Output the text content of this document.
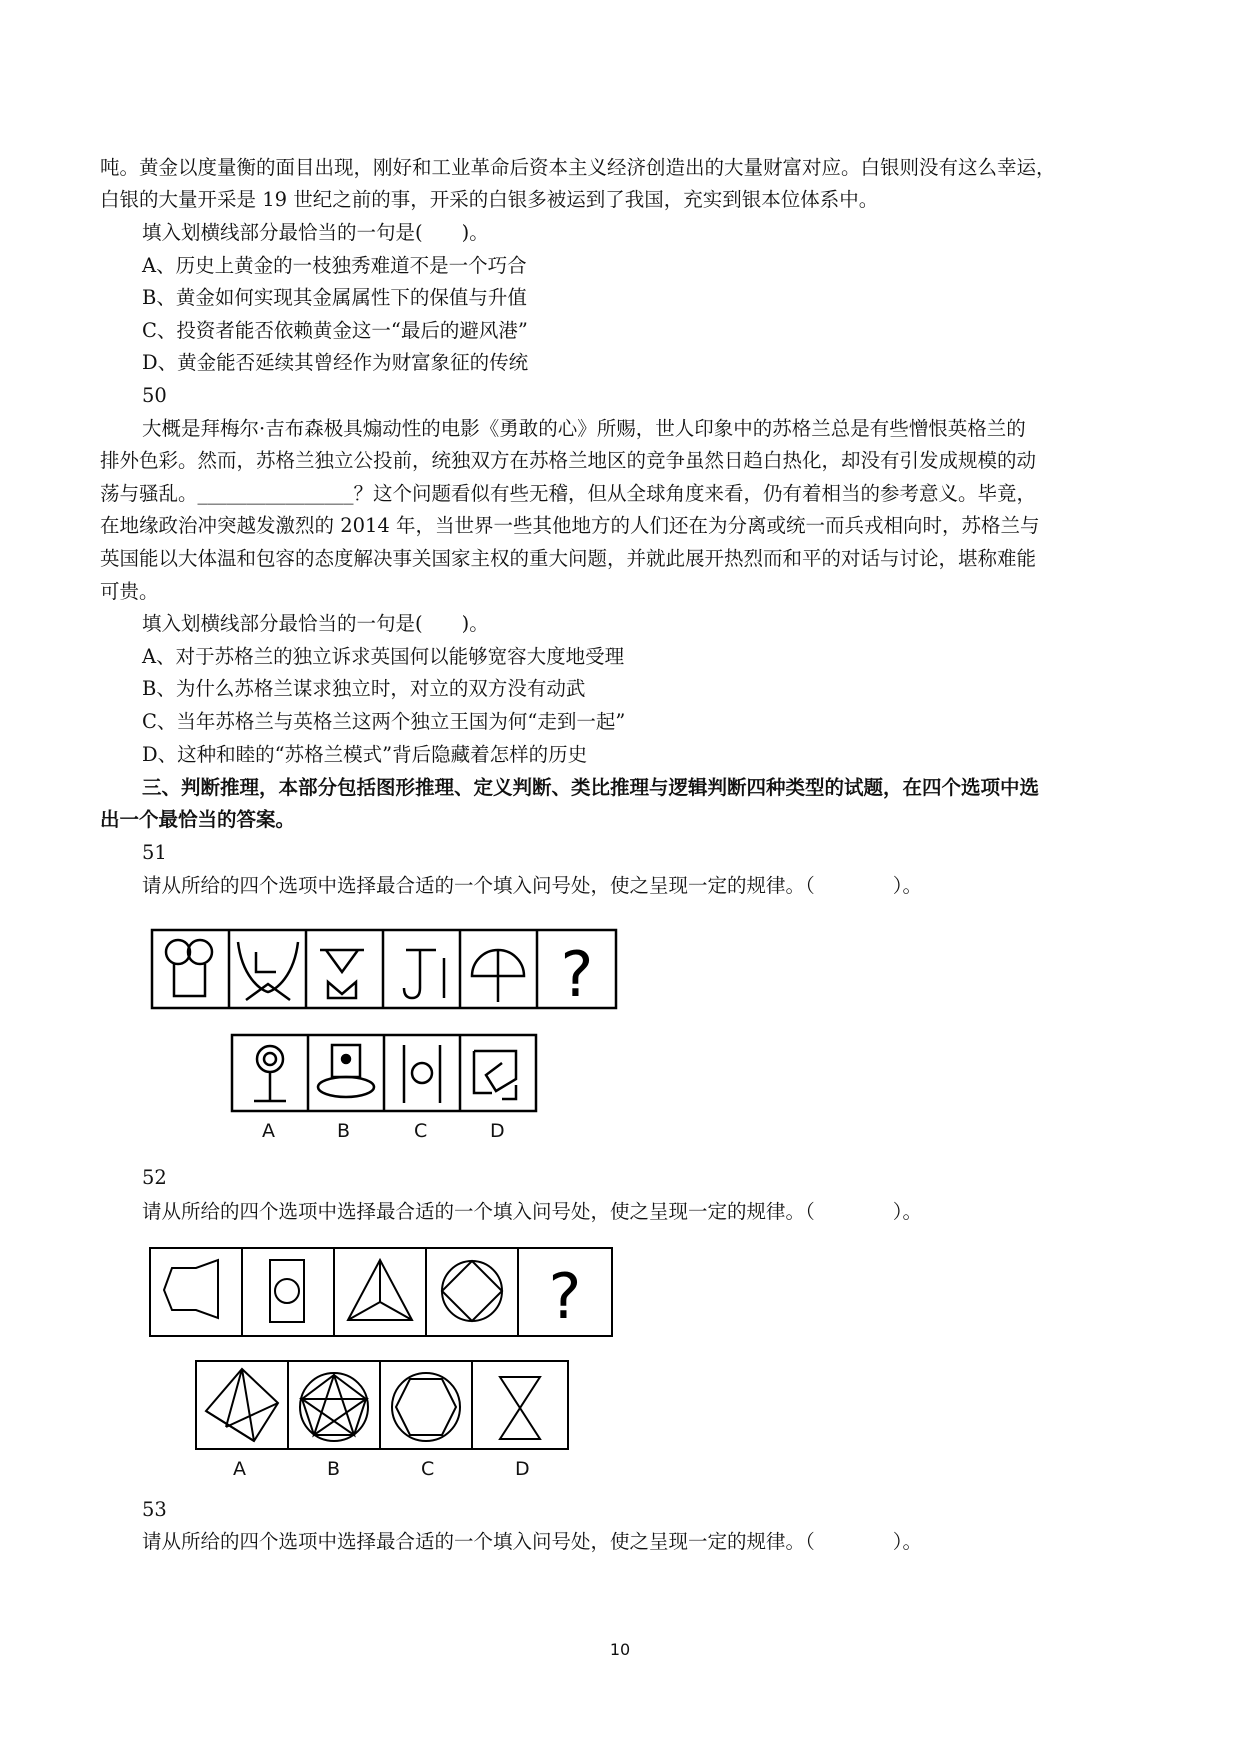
吨。黄金以度量衡的面目出现，刚好和工业革命后资本主义经济创造出的大量财富对应。白银则没有这么幸运，
白银的大量开采是 19 世纪之前的事，开采的白银多被运到了我国，充实到银本位体系中。
填入划横线部分最恰当的一句是(　　)。
A、历史上黄金的一枝独秀难道不是一个巧合
B、黄金如何实现其金属属性下的保值与升值
C、投资者能否依赖黄金这一“最后的避风港”
D、黄金能否延续其曾经作为财富象征的传统
50
大概是拜梅尔·吉布森极具煽动性的电影《勇敢的心》所赐，世人印象中的苏格兰总是有些憎恨英格兰的
排外色彩。然而，苏格兰独立公投前，统独双方在苏格兰地区的竞争虽然日趋白热化，却没有引发成规模的动
荡与骚乱。________________？这个问题看似有些无稽，但从全球角度来看，仍有着相当的参考意义。毕竟，
在地缘政治冲突越发激烈的 2014 年，当世界一些其他地方的人们还在为分离或统一而兵戎相向时，苏格兰与
英国能以大体温和包容的态度解决事关国家主权的重大问题，并就此展开热烈而和平的对话与讨论，堪称难能
可贵。
填入划横线部分最恰当的一句是(　　)。
A、对于苏格兰的独立诉求英国何以能够宽容大度地受理
B、为什么苏格兰谋求独立时，对立的双方没有动武
C、当年苏格兰与英格兰这两个独立王国为何“走到一起”
D、这种和睦的“苏格兰模式”背后隐藏着怎样的历史
三、判断推理，本部分包括图形推理、定义判断、类比推理与逻辑判断四种类型的试题，在四个选项中选
出一个最恰当的答案。
51
请从所给的四个选项中选择最合适的一个填入问号处，使之呈现一定的规律。（　　　　）。
?
A	B	C	D
52
请从所给的四个选项中选择最合适的一个填入问号处，使之呈现一定的规律。（　　　　）。
?
A	B	C	D
53
请从所给的四个选项中选择最合适的一个填入问号处，使之呈现一定的规律。（　　　　）。
10
